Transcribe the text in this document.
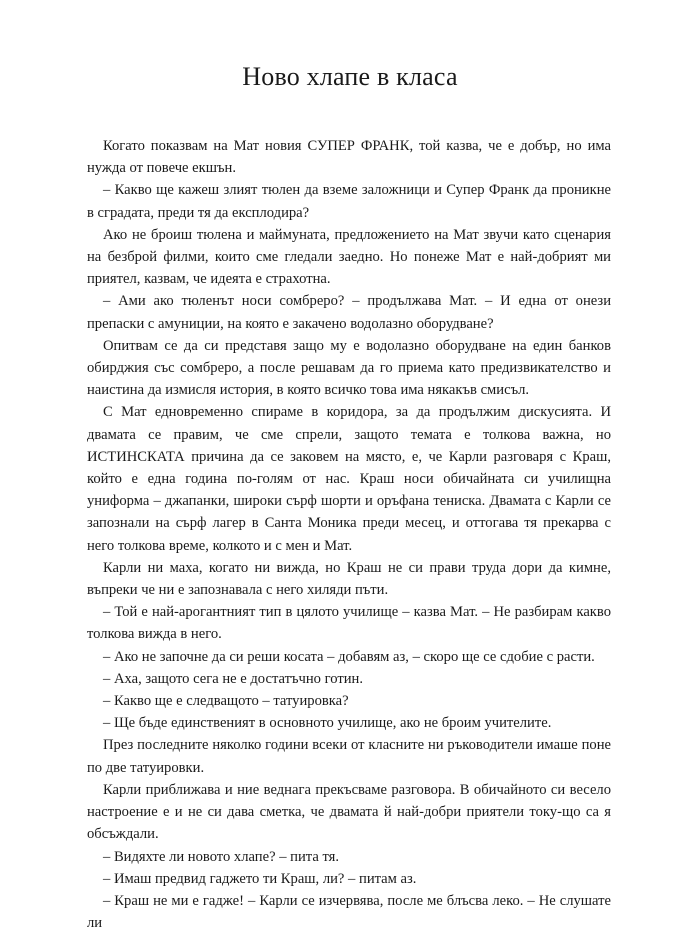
Ново хлапе в класа

Когато показвам на Мат новия СУПЕР ФРАНК, той казва, че е добър, но има нужда от повече екшън.

– Какво ще кажеш злият тюлен да вземе заложници и Супер Франк да проникне в сградата, преди тя да експлодира?

Ако не броиш тюлена и маймуната, предложението на Мат звучи като сценария на безброй филми, които сме гледали заедно. Но понеже Мат е най-добрият ми приятел, казвам, че идеята е страхотна.

– Ами ако тюленът носи сомбреро? – продължава Мат. – И една от онези препаски с амуниции, на която е закачено водолазно оборудване?

Опитвам се да си представя защо му е водолазно оборудване на един банков обирджия със сомбреро, а после решавам да го приема като предизвикателство и наистина да измисля история, в която всичко това има някакъв смисъл.

С Мат едновременно спираме в коридора, за да продължим дискусията. И двамата се правим, че сме спрели, защото темата е толкова важна, но ИСТИНСКАТА причина да се заковем на място, е, че Карли разговаря с Краш, който е една година по-голям от нас. Краш носи обичайната си училищна униформа – джапанки, широки сърф шорти и оръфана тениска. Двамата с Карли се запознали на сърф лагер в Санта Моника преди месец, и оттогава тя прекарва с него толкова време, колкото и с мен и Мат.

Карли ни маха, когато ни вижда, но Краш не си прави труда дори да кимне, въпреки че ни е запознавала с него хиляди пъти.

– Той е най-арогантният тип в цялото училище – казва Мат. – Не разбирам какво толкова вижда в него.

– Ако не започне да си реши косата – добавям аз, – скоро ще се сдобие с расти.

– Аха, защото сега не е достатъчно готин.

– Какво ще е следващото – татуировка?

– Ще бъде единственият в основното училище, ако не броим учителите.

През последните няколко години всеки от класните ни ръководители имаше поне по две татуировки.

Карли приближава и ние веднага прекъсваме разговора. В обичайното си весело настроение е и не си дава сметка, че двамата й най-добри приятели току-що са я обсъждали.

– Видяхте ли новото хлапе? – пита тя.

– Имаш предвид гаджето ти Краш, ли? – питам аз.

– Краш не ми е гадже! – Карли се изчервява, после ме блъсва леко. – Не слушате ли
